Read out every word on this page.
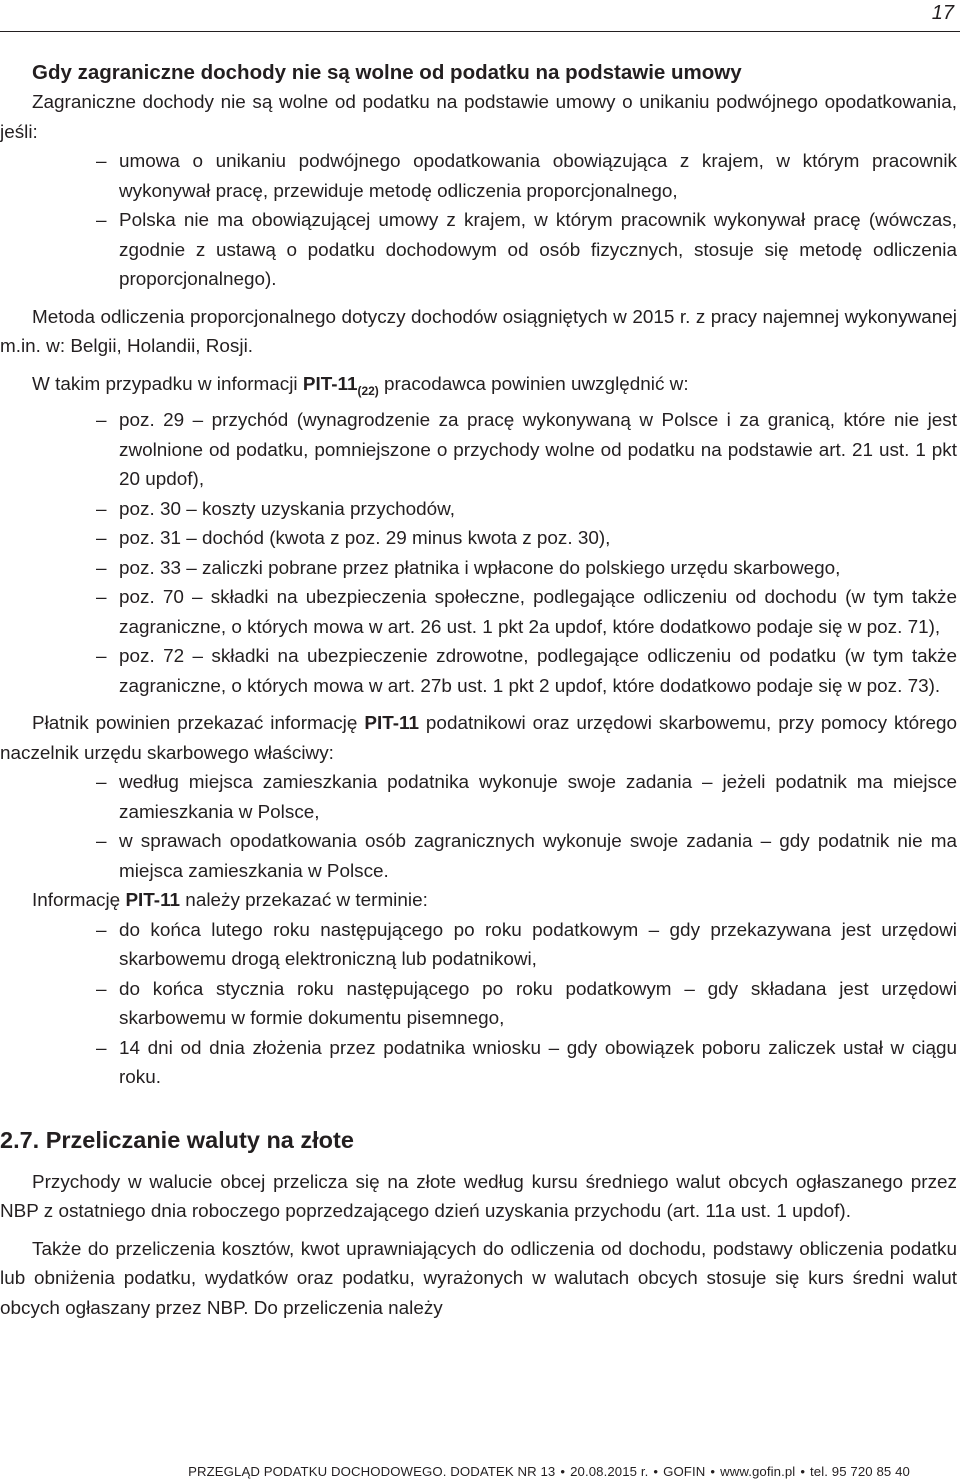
17
Gdy zagraniczne dochody nie są wolne od podatku na podstawie umowy

Zagraniczne dochody nie są wolne od podatku na podstawie umowy o unikaniu podwójnego opodatkowania, jeśli:

– umowa o unikaniu podwójnego opodatkowania obowiązująca z krajem, w którym pracownik wykonywał pracę, przewiduje metodę odliczenia proporcjonalnego,
– Polska nie ma obowiązującej umowy z krajem, w którym pracownik wykonywał pracę (wówczas, zgodnie z ustawą o podatku dochodowym od osób fizycznych, stosuje się metodę odliczenia proporcjonalnego).

Metoda odliczenia proporcjonalnego dotyczy dochodów osiągniętych w 2015 r. z pracy najemnej wykonywanej m.in. w: Belgii, Holandii, Rosji.

W takim przypadku w informacji PIT-$11_{(22)}$ pracodawca powinien uwzględnić w:

– poz. 29 – przychód (wynagrodzenie za pracę wykonywaną w Polsce i za granicą, które nie jest zwolnione od podatku, pomniejszone o przychody wolne od podatku na podstawie art. 21 ust. 1 pkt 20 updof),
– poz. 30 – koszty uzyskania przychodów,
– poz. 31 – dochód (kwota z poz. 29 minus kwota z poz. 30),
– poz. 33 – zaliczki pobrane przez płatnika i wpłacone do polskiego urzędu skarbowego,
– poz. 70 – składki na ubezpieczenia społeczne, podlegające odliczeniu od dochodu (w tym także zagraniczne, o których mowa w art. 26 ust. 1 pkt 2a updof, które dodatkowo podaje się w poz. 71),
– poz. 72 – składki na ubezpieczenie zdrowotne, podlegające odliczeniu od podatku (w tym także zagraniczne, o których mowa w art. 27b ust. 1 pkt 2 updof, które dodatkowo podaje się w poz. 73).

Płatnik powinien przekazać informację PIT-11 podatnikowi oraz urzędowi skarbowemu, przy pomocy którego naczelnik urzędu skarbowego właściwy:

– według miejsca zamieszkania podatnika wykonuje swoje zadania – jeżeli podatnik ma miejsce zamieszkania w Polsce,
– w sprawach opodatkowania osób zagranicznych wykonuje swoje zadania – gdy podatnik nie ma miejsca zamieszkania w Polsce.

Informację PIT-11 należy przekazać w terminie:

– do końca lutego roku następującego po roku podatkowym – gdy przekazywana jest urzędowi skarbowemu drogą elektroniczną lub podatnikowi,
– do końca stycznia roku następującego po roku podatkowym – gdy składana jest urzędowi skarbowemu w formie dokumentu pisemnego,
– 14 dni od dnia złożenia przez podatnika wniosku – gdy obowiązek poboru zaliczek ustał w ciągu roku.
2.7. Przeliczanie waluty na złote

Przychody w walucie obcej przelicza się na złote według kursu średniego walut obcych ogłaszanego przez NBP z ostatniego dnia roboczego poprzedzającego dzień uzyskania przychodu (art. 11a ust. 1 updof).

Także do przeliczenia kosztów, kwot uprawniających do odliczenia od dochodu, podstawy obliczenia podatku lub obniżenia podatku, wydatków oraz podatku, wyrażonych w walutach obcych stosuje się kurs średni walut obcych ogłaszany przez NBP. Do przeliczenia należy

PRZEGLĄD PODATKU DOCHODOWEGO. DODATEK NR 13 • 20.08.2015 r. • GOFIN • www.gofin.pl • tel. 95 720 85 40
